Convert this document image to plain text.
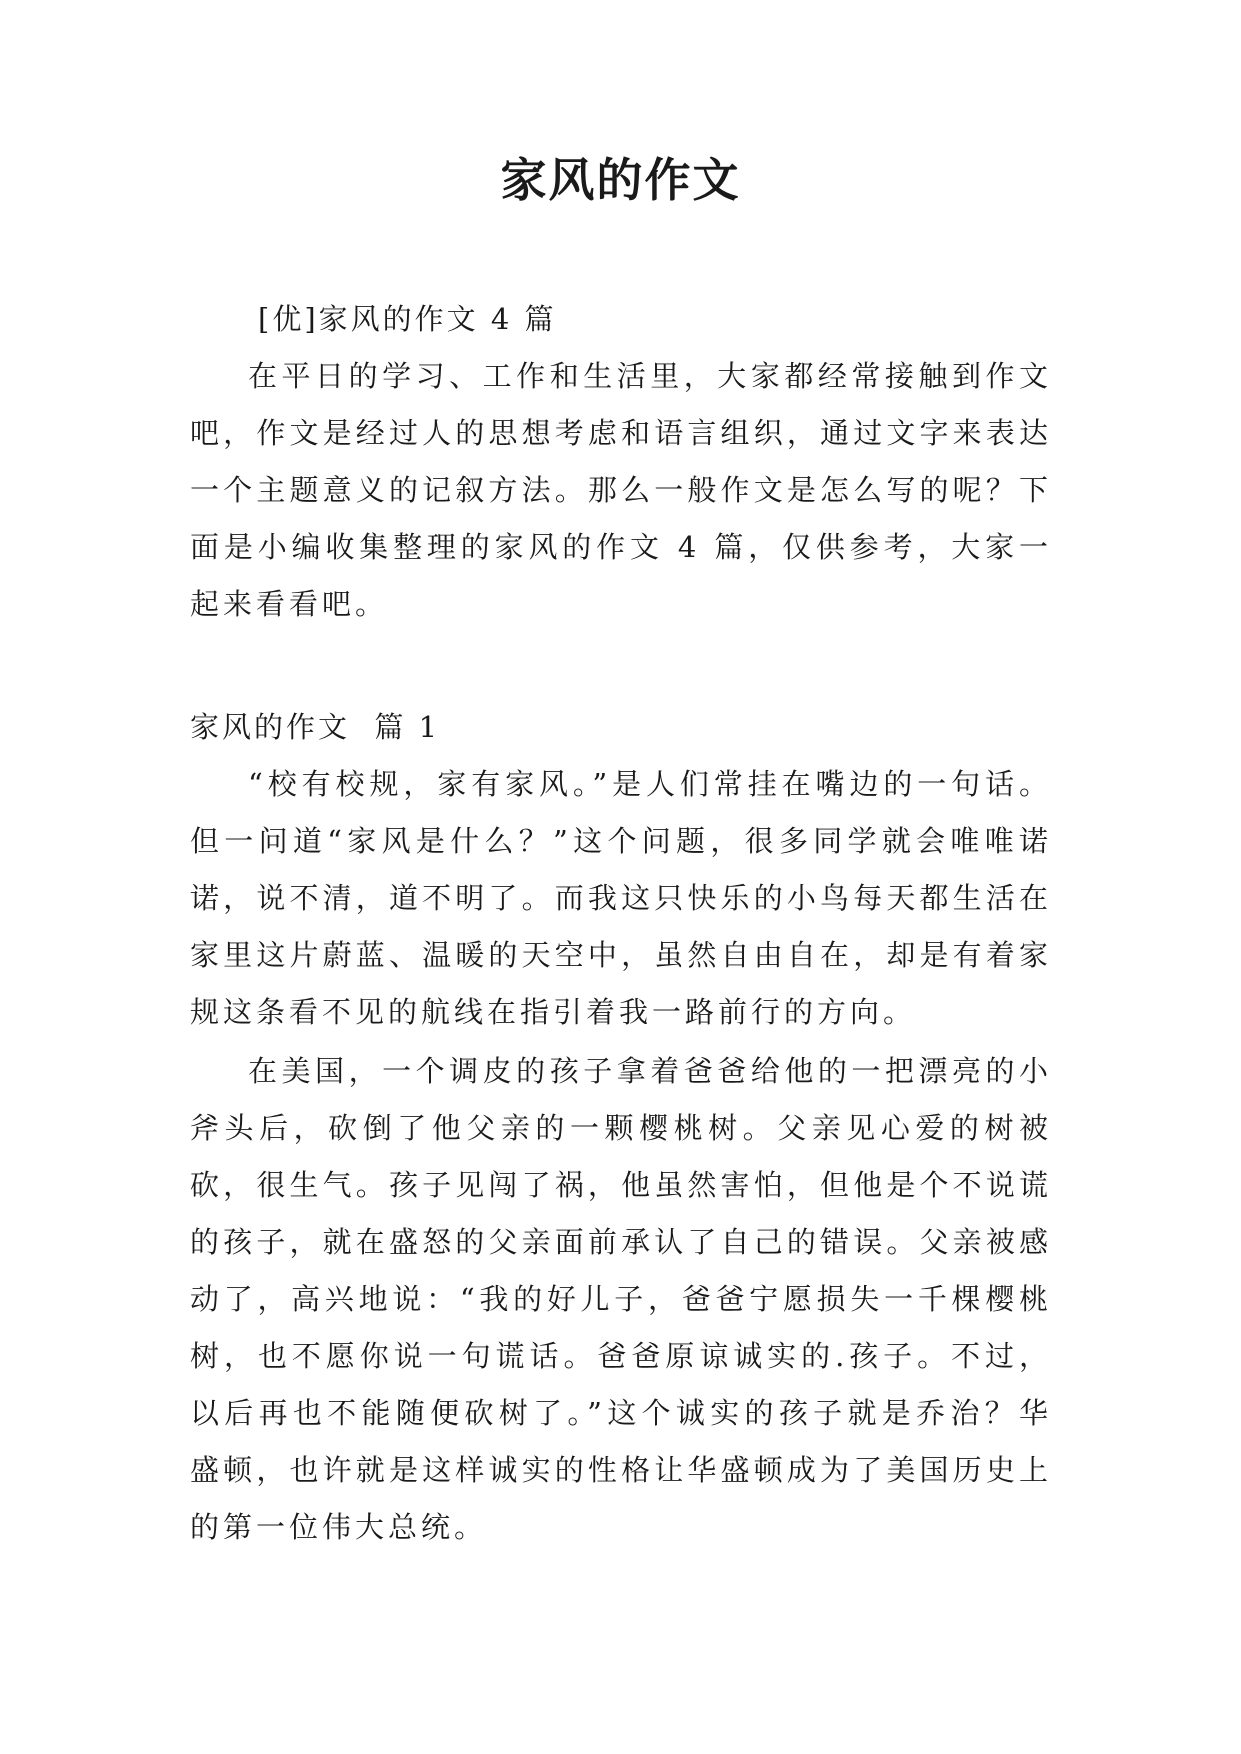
家风的作文
[优]家风的作文 4 篇

在平日的学习、工作和生活里，大家都经常接触到作文吧，作文是经过人的思想考虑和语言组织，通过文字来表达一个主题意义的记叙方法。那么一般作文是怎么写的呢？下面是小编收集整理的家风的作文 4 篇，仅供参考，大家一起来看看吧。

家风的作文  篇 1

“校有校规，家有家风。”是人们常挂在嘴边的一句话。但一问道“家风是什么？”这个问题，很多同学就会唯唯诺诺，说不清，道不明了。而我这只快乐的小鸟每天都生活在家里这片蔚蓝、温暖的天空中，虽然自由自在，却是有着家规这条看不见的航线在指引着我一路前行的方向。

在美国，一个调皮的孩子拿着爸爸给他的一把漂亮的小斧头后，砍倒了他父亲的一颗樱桃树。父亲见心爱的树被砍，很生气。孩子见闯了祸，他虽然害怕，但他是个不说谎的孩子，就在盛怒的父亲面前承认了自己的错误。父亲被感动了，高兴地说：“我的好儿子，爸爸宁愿损失一千棵樱桃树，也不愿你说一句谎话。爸爸原谅诚实的.孩子。不过，以后再也不能随便砍树了。”这个诚实的孩子就是乔治？华盛顿，也许就是这样诚实的性格让华盛顿成为了美国历史上的第一位伟大总统。
